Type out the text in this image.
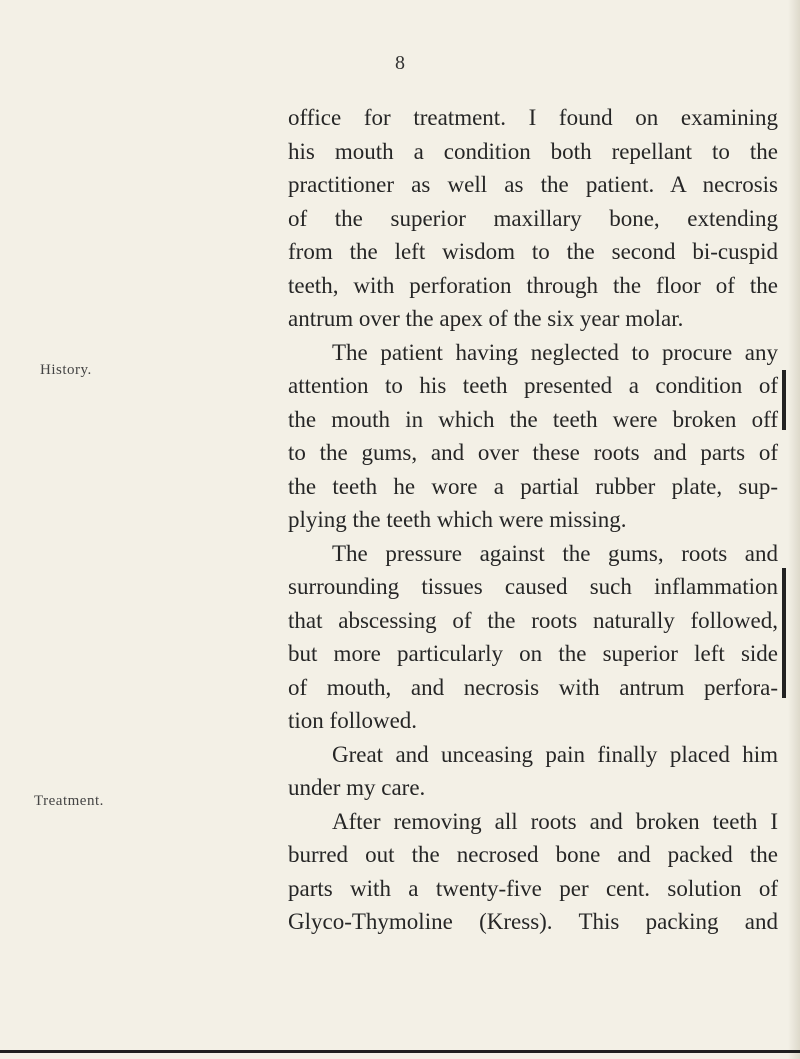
8
History.
Treatment.
office for treatment. I found on examining
his mouth a condition both repellant to the
practitioner as well as the patient. A necrosis
of the superior maxillary bone, extending
from the left wisdom to the second bi-cuspid
teeth, with perforation through the floor of the
antrum over the apex of the six year molar.
The patient having neglected to procure any
attention to his teeth presented a condition of
the mouth in which the teeth were broken off
to the gums, and over these roots and parts of
the teeth he wore a partial rubber plate, sup-
plying the teeth which were missing.
The pressure against the gums, roots and
surrounding tissues caused such inflammation
that abscessing of the roots naturally followed,
but more particularly on the superior left side
of mouth, and necrosis with antrum perfora-
tion followed.
Great and unceasing pain finally placed him
under my care.
After removing all roots and broken teeth I
burred out the necrosed bone and packed the
parts with a twenty-five per cent. solution of
Glyco-Thymoline (Kress). This packing and
